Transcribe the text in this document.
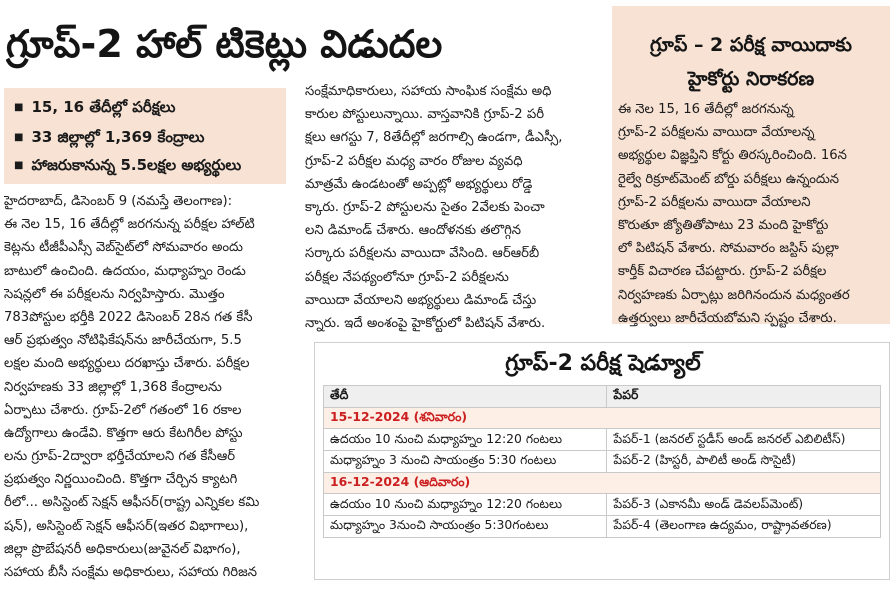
గ్రూప్‌-2 హాల్‌ టికెట్లు విడుదల
■ 15, 16 తేదీల్లో పరీక్షలు
■ 33 జిల్లాల్లో 1,369 కేంద్రాలు
■ హాజరుకానున్న 5.5లక్షల అభ్యర్థులు
హైదరాబాద్‌, డిసెంబర్‌ 9 (నమస్తే తెలంగాణ):
ఈ నెల 15, 16 తేదీల్లో జరగనున్న పరీక్షల హాల్‌టి
కెట్లను టీజీపీఎస్సీ వెబ్‌సైట్‌లో సోమవారం అందు
బాటులో ఉంచింది. ఉదయం, మధ్యాహ్నం రెండు
సెషన్లలో ఈ పరీక్షలను నిర్వహిస్తారు. మొత్తం
783పోస్టుల భర్తీకి 2022 డిసెంబర్‌ 28న గత కేసీ
ఆర్‌ ప్రభుత్వం నోటిఫికేషన్‌ను జారీచేయగా, 5.5
లక్షల మంది అభ్యర్థులు దరఖాస్తు చేశారు. పరీక్షల
నిర్వహణకు 33 జిల్లాల్లో 1,368 కేంద్రాలను
ఏర్పాటు చేశారు. గ్రూప్‌-2లో గతంలో 16 రకాల
ఉద్యోగాలు ఉండేవి. కొత్తగా ఆరు కేటగిరీల పోస్టు
లను గ్రూప్‌-2ద్వారా భర్తీచేయాలని గత కేసీఆర్‌
ప్రభుత్వం నిర్ణయించింది. కొత్తగా చేర్చిన క్యాటగి
రీలో... అసిస్టెంట్‌ సెక్షన్‌ ఆఫీసర్‌(రాష్ట్ర ఎన్నికల కమి
షన్‌), అసిస్టెంట్‌ సెక్షన్‌ ఆఫీసర్‌(ఇతర విభాగాలు),
జిల్లా ప్రొబేషనరీ అధికారులు(జువైనల్‌ విభాగం),
సహాయ బీసీ సంక్షేమ అధికారులు, సహాయ గిరిజన
సంక్షేమాధికారులు, సహాయ సాంఘిక సంక్షేమ అధి
కారుల పోస్టులున్నాయి. వాస్తవానికి గ్రూప్‌-2 పరీ
క్షలు ఆగస్టు 7, 8తేదీల్లో జరగాల్సి ఉండగా, డీఎస్సీ,
గ్రూప్‌-2 పరీక్షల మధ్య వారం రోజుల వ్యవధి
మాత్రమే ఉండటంతో అప్పట్లో అభ్యర్థులు రోడ్డె
క్కారు. గ్రూప్‌-2 పోస్టులను సైతం 2వేలకు పెంచా
లని డిమాండ్‌ చేశారు. ఆందోళనకు తలొగ్గిన
సర్కారు పరీక్షలను వాయిదా వేసింది. ఆర్‌ఆర్‌బీ
పరీక్షల నేపథ్యంలోనూ గ్రూప్‌-2 పరీక్షలను
వాయిదా వేయాలని అభ్యర్థులు డిమాండ్‌ చేస్తు
న్నారు. ఇదే అంశంపై హైకోర్టులో పిటిషన్‌ వేశారు.
గ్రూప్‌ – 2 పరీక్ష వాయిదాకు
హైకోర్టు నిరాకరణ
ఈ నెల 15, 16 తేదీల్లో జరగనున్న
గ్రూప్‌-2 పరీక్షలను వాయిదా వేయాలన్న
అభ్యర్థుల విజ్ఞప్తిని కోర్టు తిరస్కరించింది. 16న
రైల్వే రిక్రూట్‌మెంట్‌ బోర్డు పరీక్షలు ఉన్నందున
గ్రూప్‌-2 పరీక్షలను వాయిదా వేయాలని
కొరుతూ జ్యోతితోపాటు 23 మంది హైకోర్టు
లో పిటిషన్‌ వేశారు. సోమవారం జస్టిస్‌ పుల్లా
కార్తీక్‌ విచారణ చేపట్టారు. గ్రూప్‌-2 పరీక్షల
నిర్వహణకు ఏర్పాట్లు జరిగినందున మధ్యంతర
ఉత్తర్వులు జారీచేయబోమని స్పష్టం చేశారు.
గ్రూప్‌-2 పరీక్ష షెడ్యూల్‌
తేదీ	పేపర్‌
15-12-2024 (శనివారం)	
ఉదయం 10 నుంచి మధ్యాహ్నం 12:20 గంటలు	పేపర్‌-1 (జనరల్‌ స్టడీస్‌ అండ్‌ జనరల్‌ ఎబిలిటీస్‌)
మధ్యాహ్నం 3 నుంచి సాయంత్రం 5:30 గంటలు	పేపర్‌-2 (హిస్టరీ, పాలిటీ అండ్‌ సొసైటీ)
16-12-2024 (ఆదివారం)	
ఉదయం 10 నుంచి మధ్యాహ్నం 12:20 గంటలు	పేపర్‌-3 (ఎకానమీ అండ్‌ డెవలప్‌మెంట్‌)
మధ్యాహ్నం 3నుంచి సాయంత్రం 5:30గంటలు	పేపర్‌-4 (తెలంగాణ ఉద్యమం, రాష్ట్రావతరణ)
